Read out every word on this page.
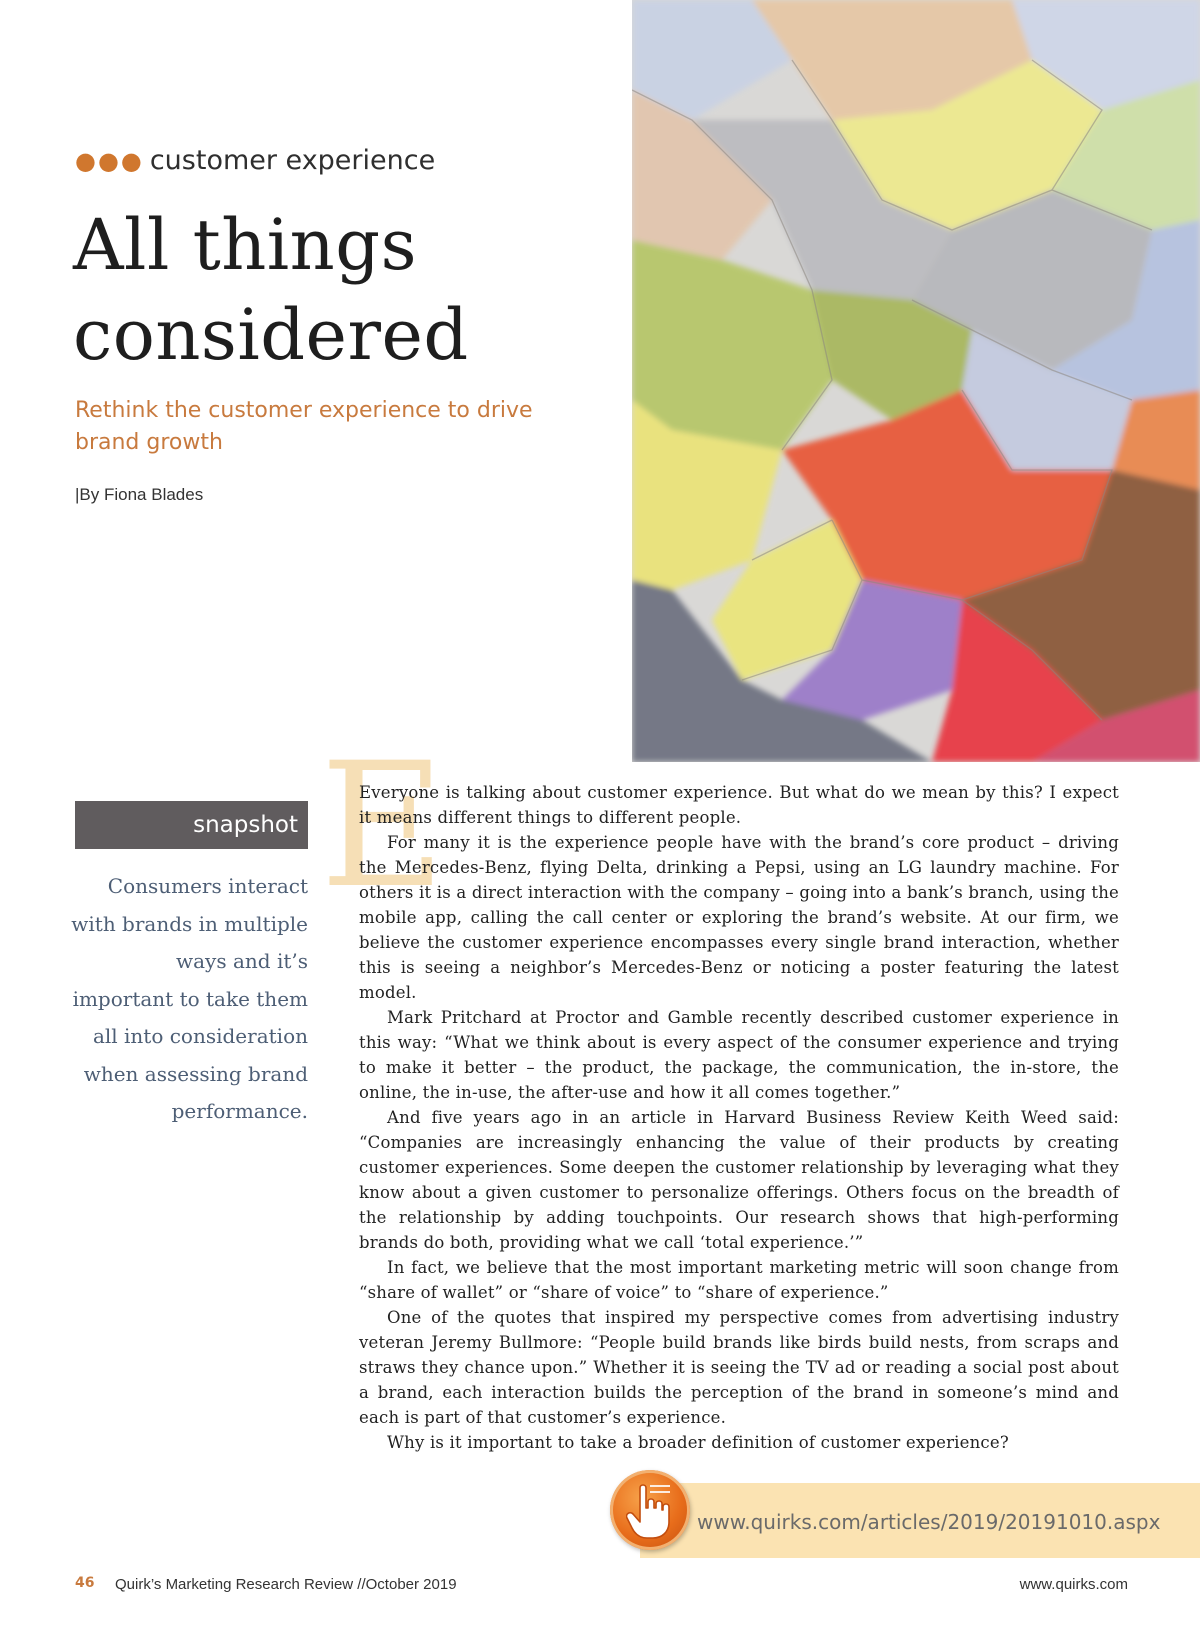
●●● customer experience
All things considered

Rethink the customer experience to drive brand growth

|By Fiona Blades
E

Everyone is talking about customer experience. But what do we mean by this? I expect it means different things to different people.

For many it is the experience people have with the brand’s core product – driving the Mercedes-Benz, flying Delta, drinking a Pepsi, using an LG laundry machine. For others it is a direct interaction with the company – going into a bank’s branch, using the mobile app, calling the call center or exploring the brand’s website. At our firm, we believe the customer experience encompasses every single brand interaction, whether this is seeing a neighbor’s Mercedes-Benz or noticing a poster featuring the latest model.

Mark Pritchard at Proctor and Gamble recently described customer experience in this way: “What we think about is every aspect of the consumer experience and trying to make it better – the product, the package, the communication, the in-store, the online, the in-use, the after-use and how it all comes together.”

And five years ago in an article in Harvard Business Review Keith Weed said: “Companies are increasingly enhancing the value of their products by creating customer experiences. Some deepen the customer relationship by leveraging what they know about a given customer to personalize offerings. Others focus on the breadth of the relationship by adding touchpoints. Our research shows that high-performing brands do both, providing what we call ‘total experience.’”

In fact, we believe that the most important marketing metric will soon change from “share of wallet” or “share of voice” to “share of experience.”

One of the quotes that inspired my perspective comes from advertising industry veteran Jeremy Bullmore: “People build brands like birds build nests, from scraps and straws they chance upon.” Whether it is seeing the TV ad or reading a social post about a brand, each interaction builds the perception of the brand in someone’s mind and each is part of that customer’s experience.

Why is it important to take a broader definition of customer experience?

snapshot

Consumers interact with brands in multiple ways and it’s important to take them all into consideration when assessing brand performance.

www.quirks.com/articles/2019/20191010.aspx
46 Quirk’s Marketing Research Review //October 2019	www.quirks.com
